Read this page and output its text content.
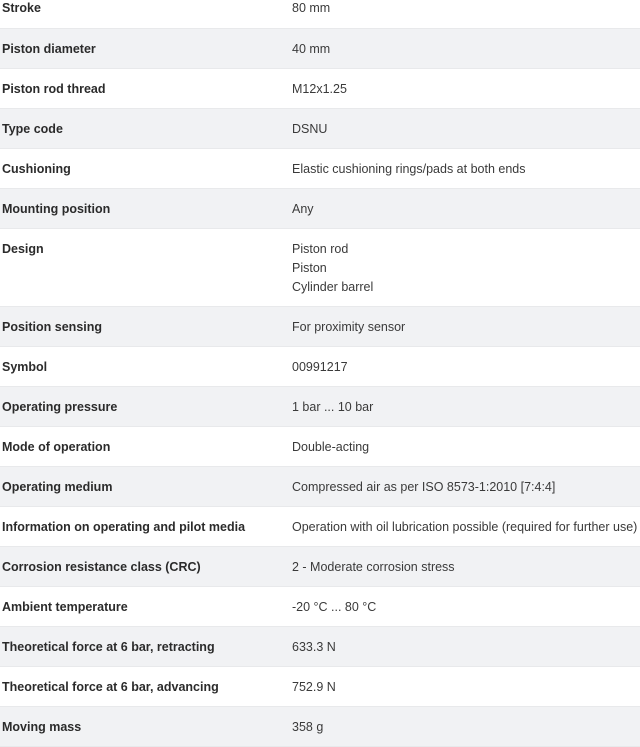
Stroke	80 mm
Piston diameter	40 mm
Piston rod thread	M12x1.25
Type code	DSNU
Cushioning	Elastic cushioning rings/pads at both ends
Mounting position	Any
Design	Piston rod
Piston
Cylinder barrel

Position sensing	For proximity sensor
Symbol	00991217
Operating pressure	1 bar ... 10 bar
Mode of operation	Double-acting
Operating medium	Compressed air as per ISO 8573-1:2010 [7:4:4]
Information on operating and pilot media	Operation with oil lubrication possible (required for further use)
Corrosion resistance class (CRC)	2 - Moderate corrosion stress
Ambient temperature	-20 °C ... 80 °C
Theoretical force at 6 bar, retracting	633.3 N
Theoretical force at 6 bar, advancing	752.9 N
Moving mass	358 g
